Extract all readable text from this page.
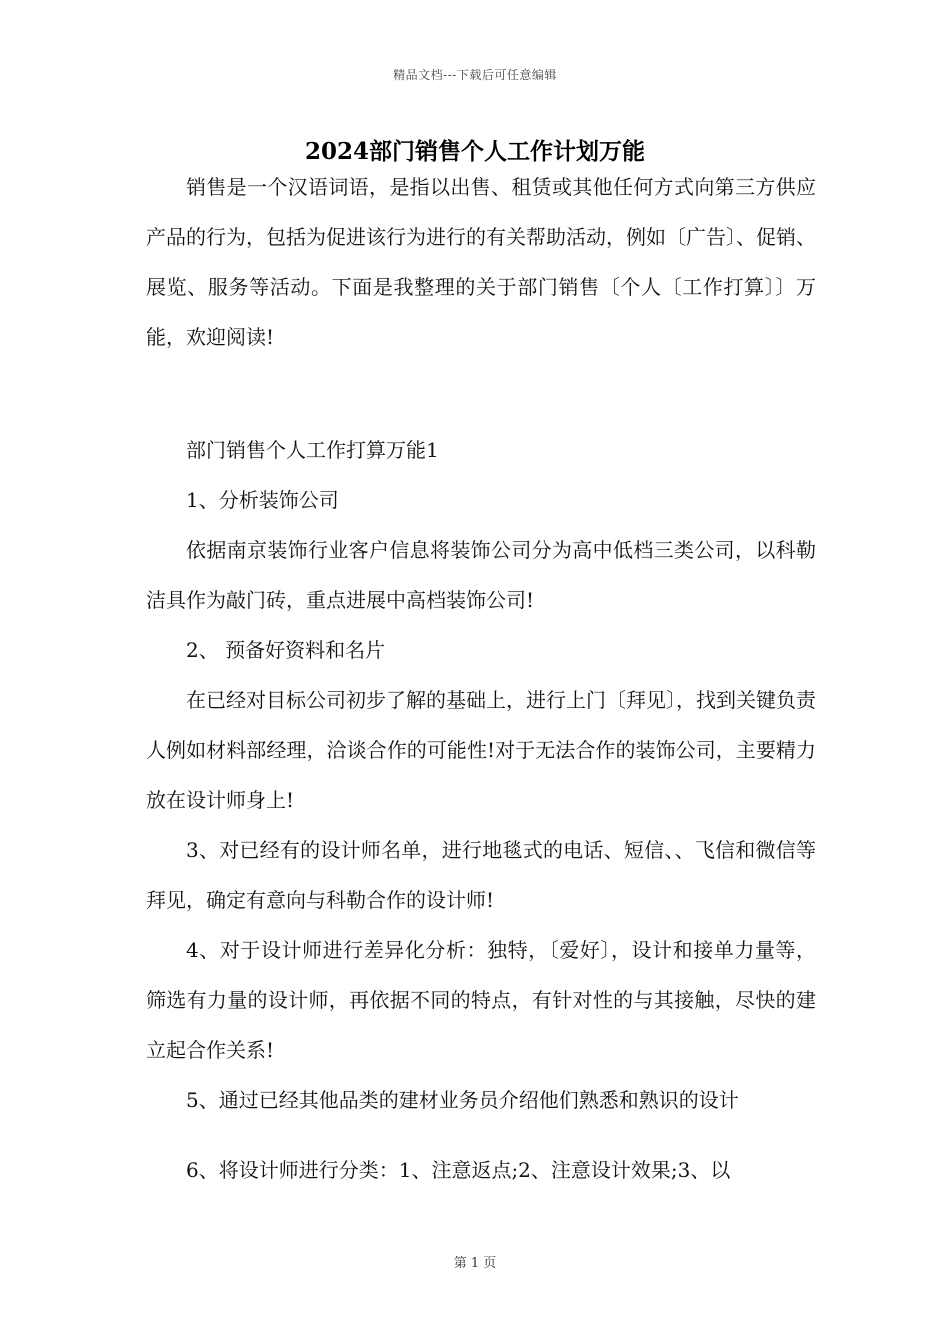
精品文档---下载后可任意编辑
2024部门销售个人工作计划万能

销售是一个汉语词语，是指以出售、租赁或其他任何方式向第三方供应产品的行为，包括为促进该行为进行的有关帮助活动，例如〔广告〕、促销、展览、服务等活动。下面是我整理的关于部门销售〔个人〔工作打算〕〕万能，欢迎阅读!

部门销售个人工作打算万能1

1、分析装饰公司

依据南京装饰行业客户信息将装饰公司分为高中低档三类公司，以科勒洁具作为敲门砖，重点进展中高档装饰公司!

2、 预备好资料和名片

在已经对目标公司初步了解的基础上，进行上门〔拜见〕，找到关键负责人例如材料部经理，洽谈合作的可能性!对于无法合作的装饰公司，主要精力放在设计师身上!

3、对已经有的设计师名单，进行地毯式的电话、短信、、飞信和微信等拜见，确定有意向与科勒合作的设计师!

4、对于设计师进行差异化分析：独特，〔爱好〕，设计和接单力量等，筛选有力量的设计师，再依据不同的特点，有针对性的与其接触，尽快的建立起合作关系!

5、通过已经其他品类的建材业务员介绍他们熟悉和熟识的设计

6、将设计师进行分类：1、注意返点;2、注意设计效果;3、以

第 1 页
